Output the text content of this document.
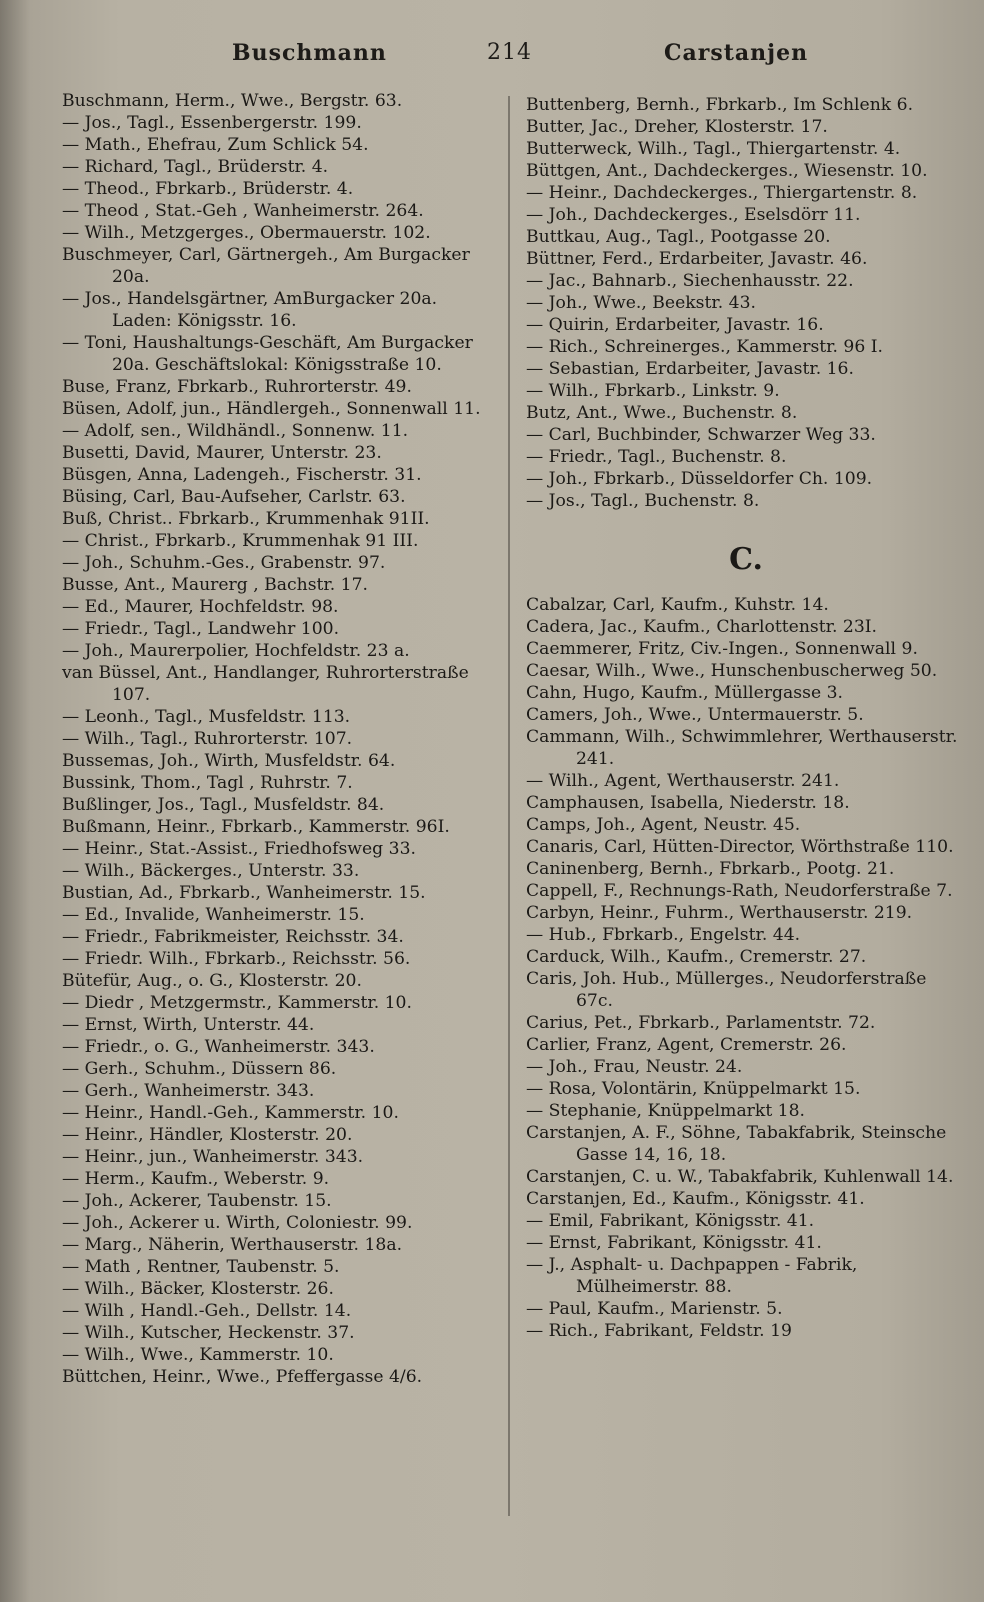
Buschmann	214	Carstanjen
Buschmann, Herm., Wwe., Bergstr. 63.
— Jos., Tagl., Essenbergerstr. 199.
— Math., Ehefrau, Zum Schlick 54.
— Richard, Tagl., Brüderstr. 4.
— Theod., Fbrkarb., Brüderstr. 4.
— Theod , Stat.-Geh , Wanheimerstr. 264.
— Wilh., Metzgerges., Obermauerstr. 102.
Buschmeyer, Carl, Gärtnergeh., Am Burgacker 20a.
— Jos., Handelsgärtner, AmBurgacker 20a. Laden: Königsstr. 16.
— Toni, Haushaltungs-Geschäft, Am Burgacker 20a. Geschäftslokal: Königsstraße 10.
Buse, Franz, Fbrkarb., Ruhrorterstr. 49.
Büsen, Adolf, jun., Händlergeh., Sonnenwall 11.
— Adolf, sen., Wildhändl., Sonnenw. 11.
Busetti, David, Maurer, Unterstr. 23.
Büsgen, Anna, Ladengeh., Fischerstr. 31.
Büsing, Carl, Bau-Aufseher, Carlstr. 63.
Buß, Christ.. Fbrkarb., Krummenhak 91II.
— Christ., Fbrkarb., Krummenhak 91 III.
— Joh., Schuhm.-Ges., Grabenstr. 97.
Busse, Ant., Maurerg , Bachstr. 17.
— Ed., Maurer, Hochfeldstr. 98.
— Friedr., Tagl., Landwehr 100.
— Joh., Maurerpolier, Hochfeldstr. 23 a.
van Büssel, Ant., Handlanger, Ruhrorterstraße 107.
— Leonh., Tagl., Musfeldstr. 113.
— Wilh., Tagl., Ruhrorterstr. 107.
Bussemas, Joh., Wirth, Musfeldstr. 64.
Bussink, Thom., Tagl , Ruhrstr. 7.
Bußlinger, Jos., Tagl., Musfeldstr. 84.
Bußmann, Heinr., Fbrkarb., Kammerstr. 96I.
— Heinr., Stat.-Assist., Friedhofsweg 33.
— Wilh., Bäckerges., Unterstr. 33.
Bustian, Ad., Fbrkarb., Wanheimerstr. 15.
— Ed., Invalide, Wanheimerstr. 15.
— Friedr., Fabrikmeister, Reichsstr. 34.
— Friedr. Wilh., Fbrkarb., Reichsstr. 56.
Bütefür, Aug., o. G., Klosterstr. 20.
— Diedr , Metzgermstr., Kammerstr. 10.
— Ernst, Wirth, Unterstr. 44.
— Friedr., o. G., Wanheimerstr. 343.
— Gerh., Schuhm., Düssern 86.
— Gerh., Wanheimerstr. 343.
— Heinr., Handl.-Geh., Kammerstr. 10.
— Heinr., Händler, Klosterstr. 20.
— Heinr., jun., Wanheimerstr. 343.
— Herm., Kaufm., Weberstr. 9.
— Joh., Ackerer, Taubenstr. 15.
— Joh., Ackerer u. Wirth, Coloniestr. 99.
— Marg., Näherin, Werthauserstr. 18a.
— Math , Rentner, Taubenstr. 5.
— Wilh., Bäcker, Klosterstr. 26.
— Wilh , Handl.-Geh., Dellstr. 14.
— Wilh., Kutscher, Heckenstr. 37.
— Wilh., Wwe., Kammerstr. 10.
Büttchen, Heinr., Wwe., Pfeffergasse 4/6.
Buttenberg, Bernh., Fbrkarb., Im Schlenk 6.
Butter, Jac., Dreher, Klosterstr. 17.
Butterweck, Wilh., Tagl., Thiergartenstr. 4.
Büttgen, Ant., Dachdeckerges., Wiesenstr. 10.
— Heinr., Dachdeckerges., Thiergartenstr. 8.
— Joh., Dachdeckerges., Eselsdörr 11.
Buttkau, Aug., Tagl., Pootgasse 20.
Büttner, Ferd., Erdarbeiter, Javastr. 46.
— Jac., Bahnarb., Siechenhausstr. 22.
— Joh., Wwe., Beekstr. 43.
— Quirin, Erdarbeiter, Javastr. 16.
— Rich., Schreinerges., Kammerstr. 96 I.
— Sebastian, Erdarbeiter, Javastr. 16.
— Wilh., Fbrkarb., Linkstr. 9.
Butz, Ant., Wwe., Buchenstr. 8.
— Carl, Buchbinder, Schwarzer Weg 33.
— Friedr., Tagl., Buchenstr. 8.
— Joh., Fbrkarb., Düsseldorfer Ch. 109.
— Jos., Tagl., Buchenstr. 8.
C.
Cabalzar, Carl, Kaufm., Kuhstr. 14.
Cadera, Jac., Kaufm., Charlottenstr. 23I.
Caemmerer, Fritz, Civ.-Ingen., Sonnenwall 9.
Caesar, Wilh., Wwe., Hunschenbuscherweg 50.
Cahn, Hugo, Kaufm., Müllergasse 3.
Camers, Joh., Wwe., Untermauerstr. 5.
Cammann, Wilh., Schwimmlehrer, Werthauserstr. 241.
— Wilh., Agent, Werthauserstr. 241.
Camphausen, Isabella, Niederstr. 18.
Camps, Joh., Agent, Neustr. 45.
Canaris, Carl, Hütten-Director, Wörthstraße 110.
Caninenberg, Bernh., Fbrkarb., Pootg. 21.
Cappell, F., Rechnungs-Rath, Neudorferstraße 7.
Carbyn, Heinr., Fuhrm., Werthauserstr. 219.
— Hub., Fbrkarb., Engelstr. 44.
Carduck, Wilh., Kaufm., Cremerstr. 27.
Caris, Joh. Hub., Müllerges., Neudorferstraße 67c.
Carius, Pet., Fbrkarb., Parlamentstr. 72.
Carlier, Franz, Agent, Cremerstr. 26.
— Joh., Frau, Neustr. 24.
— Rosa, Volontärin, Knüppelmarkt 15.
— Stephanie, Knüppelmarkt 18.
Carstanjen, A. F., Söhne, Tabakfabrik, Steinsche Gasse 14, 16, 18.
Carstanjen, C. u. W., Tabakfabrik, Kuhlenwall 14.
Carstanjen, Ed., Kaufm., Königsstr. 41.
— Emil, Fabrikant, Königsstr. 41.
— Ernst, Fabrikant, Königsstr. 41.
— J., Asphalt- u. Dachpappen - Fabrik, Mülheimerstr. 88.
— Paul, Kaufm., Marienstr. 5.
— Rich., Fabrikant, Feldstr. 19
